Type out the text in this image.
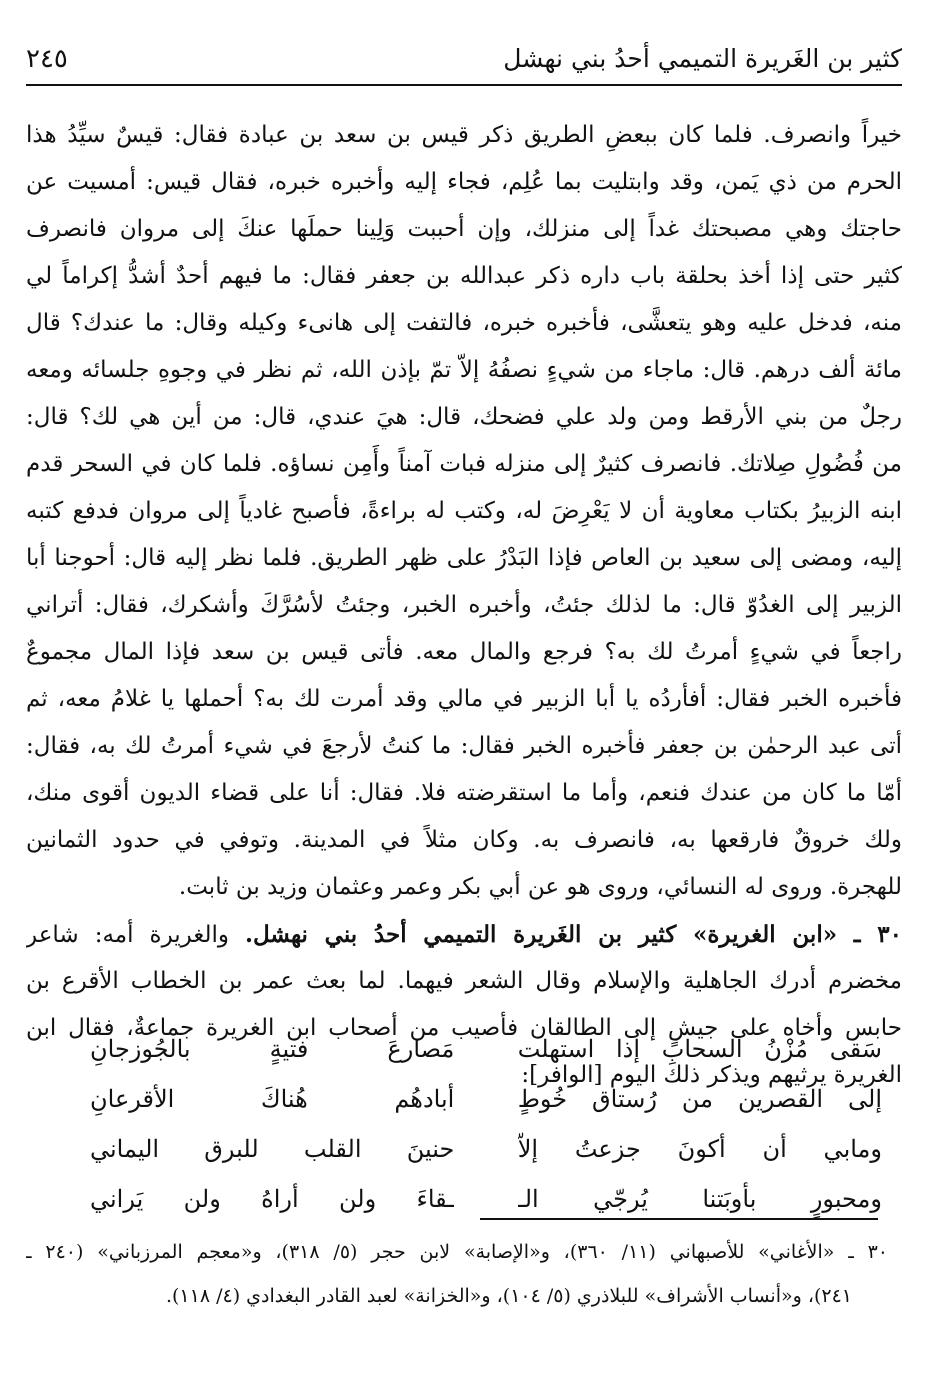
كثير بن الغَريرة التميمي أحدُ بني نهشل
٢٤٥
خيراً وانصرف. فلما كان ببعضِ الطريق ذكر قيس بن سعد بن عبادة فقال: قيسٌ سيِّدُ هذا
الحرم من ذي يَمن، وقد وابتليت بما عُلِم، فجاء إليه وأخبره خبره، فقال قيس: أمسيت عن
حاجتك وهي مصبحتك غداً إلى منزلك، وإن أحببت وَلِينا حملَها عنكَ إلى مروان فانصرف
كثير حتى إذا أخذ بحلقة باب داره ذكر عبدالله بن جعفر فقال: ما فيهم أحدٌ أشدُّ إكراماً لي
منه، فدخل عليه وهو يتعشَّى، فأخبره خبره، فالتفت إلى هانىء وكيله وقال: ما عندك؟ قال
مائة ألف درهم. قال: ماجاء من شيءٍ نصفُهُ إلاّ تمّ بإذن الله، ثم نظر في وجوهِ جلسائه ومعه
رجلٌ من بني الأرقط ومن ولد علي فضحك، قال: هيَ عندي، قال: من أين هي لك؟ قال:
من فُضُولِ صِلاتك. فانصرف كثيرٌ إلى منزله فبات آمناً وأَمِن نساؤه. فلما كان في السحر قدم
ابنه الزبيرُ بكتاب معاوية أن لا يَعْرِضَ له، وكتب له براءةً، فأصبح غادياً إلى مروان فدفع كتبه
إليه، ومضى إلى سعيد بن العاص فإذا البَدْرُ على ظهر الطريق. فلما نظر إليه قال: أحوجنا أبا
الزبير إلى الغدُوّ قال: ما لذلك جئتُ، وأخبره الخبر، وجئتُ لأسُرَّكَ وأشكرك، فقال: أتراني
راجعاً في شيءٍ أمرتُ لك به؟ فرجع والمال معه. فأتى قيس بن سعد فإذا المال مجموعٌ
فأخبره الخبر فقال: أفأردُه يا أبا الزبير في مالي وقد أمرت لك به؟ أحملها يا غلامُ معه، ثم
أتى عبد الرحمٰن بن جعفر فأخبره الخبر فقال: ما كنتُ لأرجعَ في شيء أمرتُ لك به، فقال:
أمّا ما كان من عندك فنعم، وأما ما استقرضته فلا. فقال: أنا على قضاء الديون أقوى منك،
ولك خروقٌ فارقعها به، فانصرف به. وكان مثلاً في المدينة. وتوفي في حدود الثمانين
للهجرة. وروى له النسائي، وروى هو عن أبي بكر وعمر وعثمان وزيد بن ثابت.
٣٠ ـ «ابن الغريرة» كثير بن الغَريرة التميمي أحدُ بني نهشل. والغريرة أمه: شاعر
مخضرم أدرك الجاهلية والإسلام وقال الشعر فيهما. لما بعث عمر بن الخطاب الأقرع بن
حابس وأخاه على جيشٍ إلى الطالقان فأصيب من أصحاب ابن الغريرة جماعةٌ، فقال ابن
الغريرة يرثيهم ويذكر ذلك اليوم [الوافر]:
سَقى مُزْنُ السحابِ إذا استهلت
مَصارعَ فتيةٍ بالجُوزجانِ
إلى القصرين من رُستاق خُوطٍ
أبادهُم هُناكَ الأقرعانِ
ومابي أن أكونَ جزعتُ إلاّ
حنينَ القلب للبرق اليماني
ومحبورٍ بأوبَتنا يُرجّي الـ
ـقاءَ ولن أراهُ ولن يَراني
٣٠ ـ «الأغاني» للأصبهاني (١١/ ٣٦٠)، و«الإصابة» لابن حجر (٥/ ٣١٨)، و«معجم المرزباني» (٢٤٠ ـ
٢٤١)، و«أنساب الأشراف» للبلاذري (٥/ ١٠٤)، و«الخزانة» لعبد القادر البغدادي (٤/ ١١٨).
